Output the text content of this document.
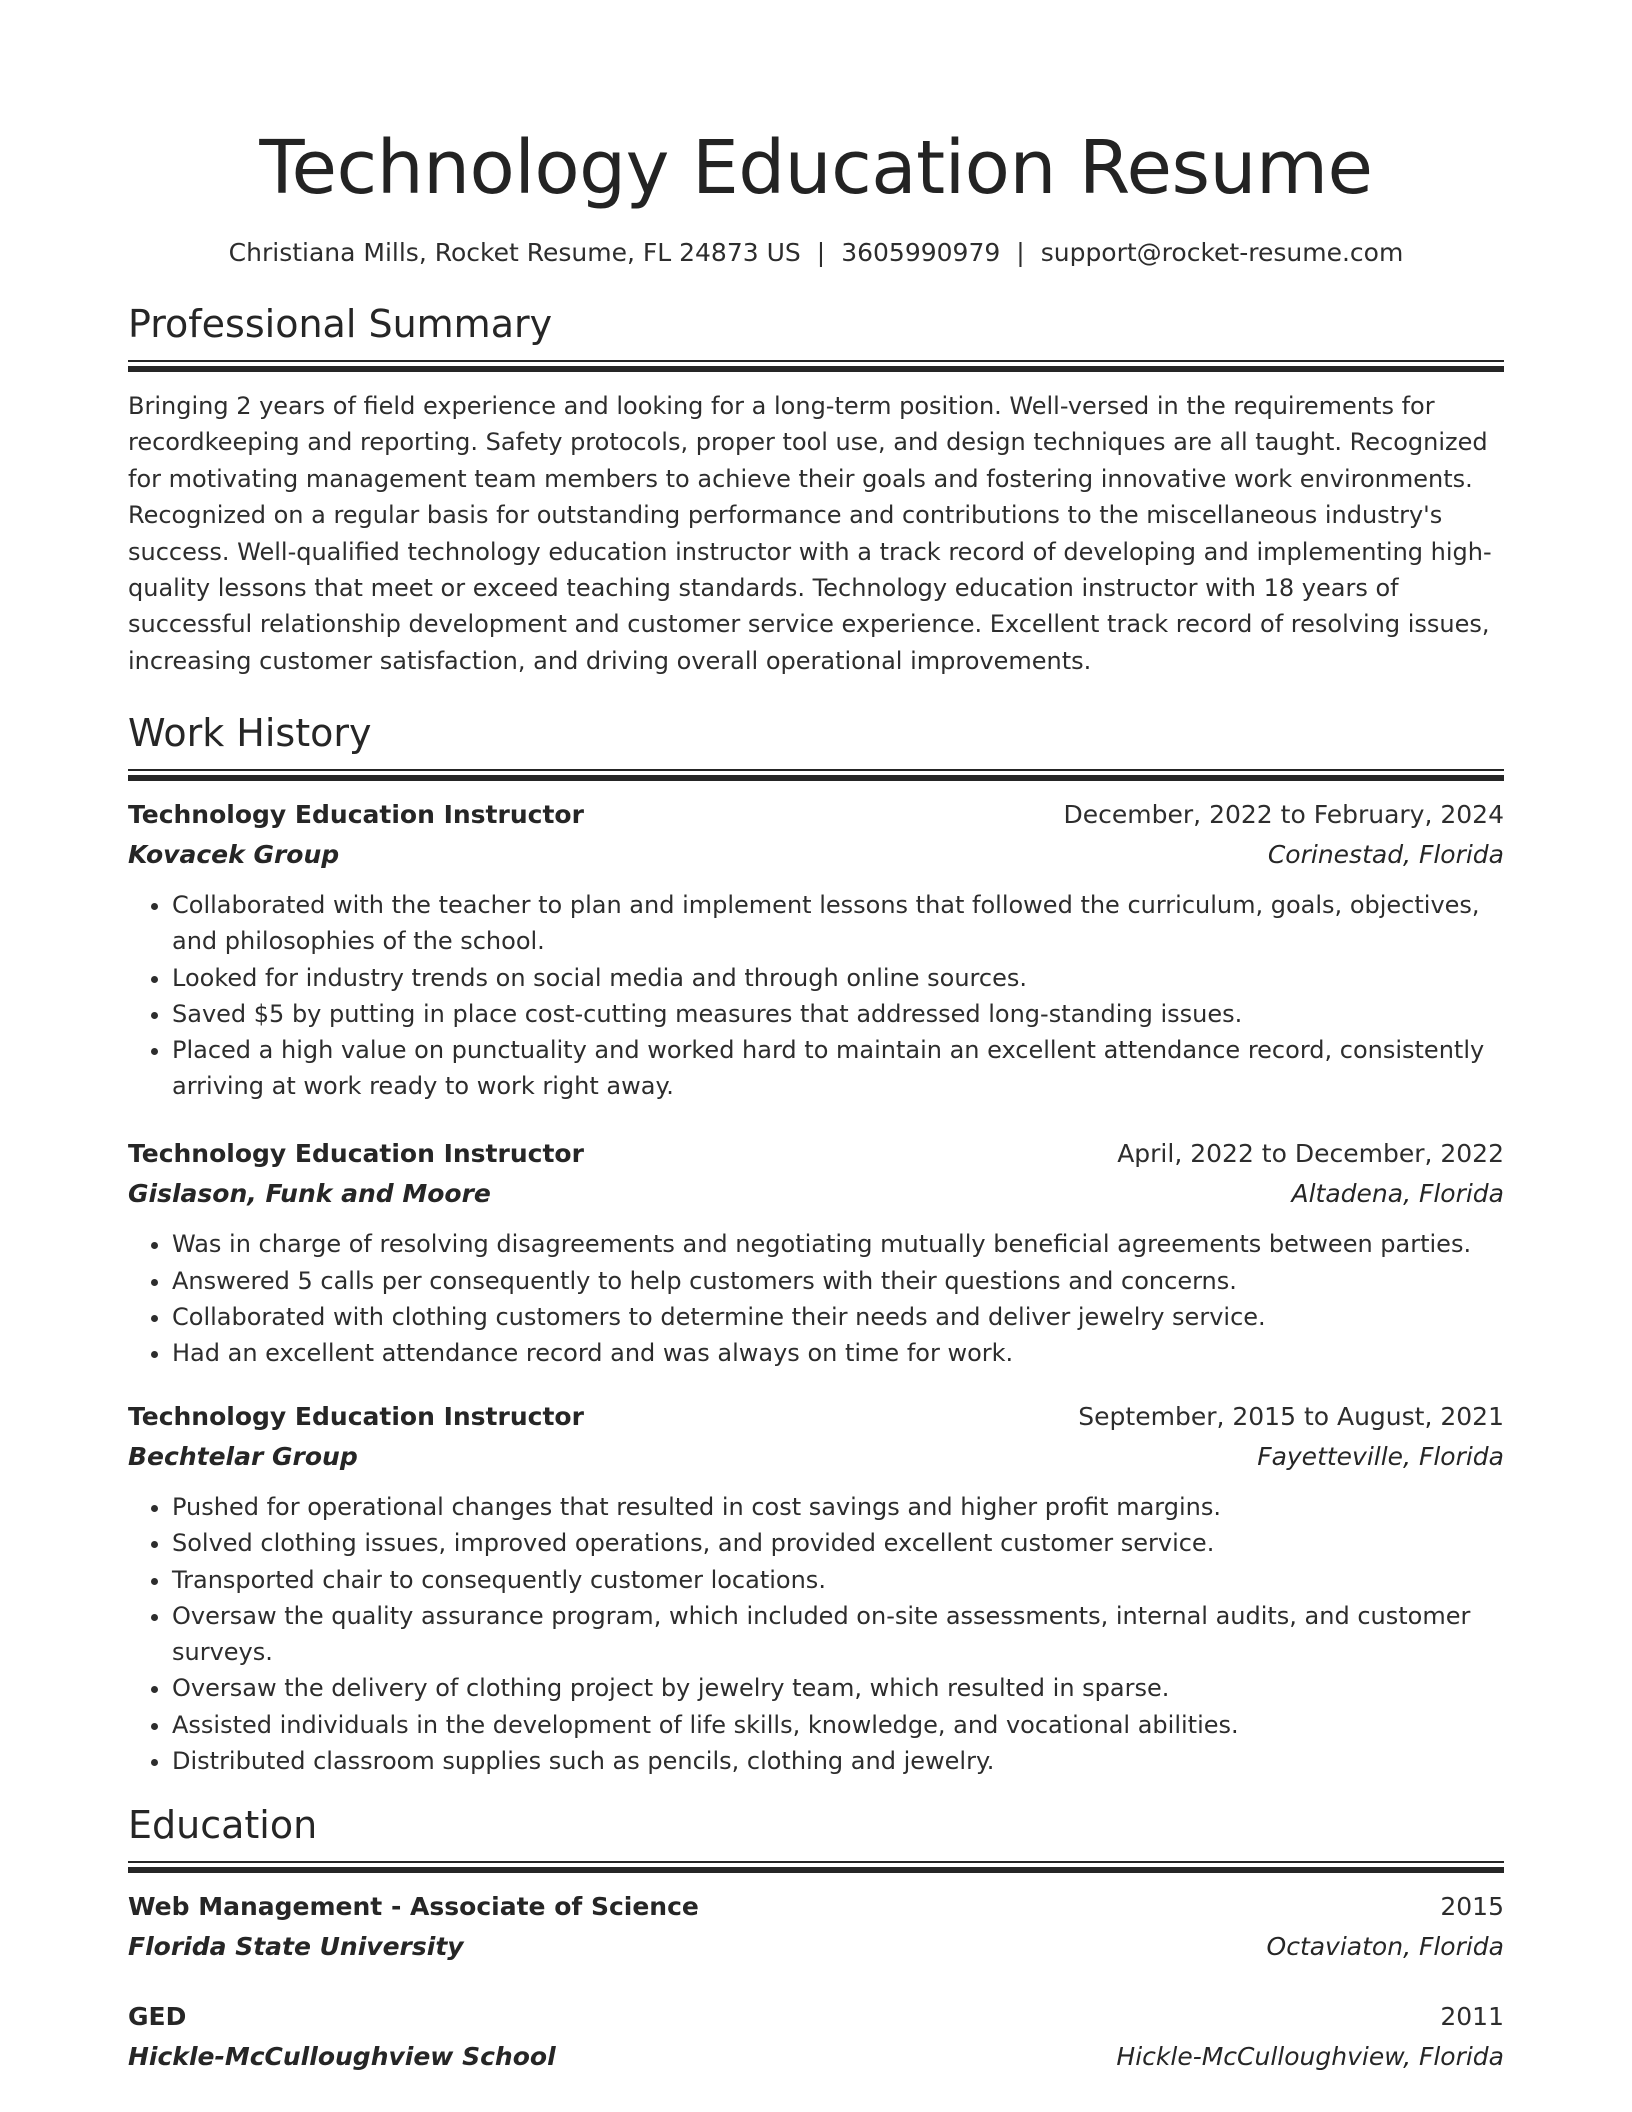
Technology Education Resume
Christiana Mills, Rocket Resume, FL 24873 US | 3605990979 | support@rocket-resume.com
Professional Summary

Bringing 2 years of field experience and looking for a long-term position. Well-versed in the requirements for recordkeeping and reporting. Safety protocols, proper tool use, and design techniques are all taught. Recognized for motivating management team members to achieve their goals and fostering innovative work environments. Recognized on a regular basis for outstanding performance and contributions to the miscellaneous industry's success. Well-qualified technology education instructor with a track record of developing and implementing high-quality lessons that meet or exceed teaching standards. Technology education instructor with 18 years of successful relationship development and customer service experience. Excellent track record of resolving issues, increasing customer satisfaction, and driving overall operational improvements.

Work History
Technology Education Instructor	December, 2022 to February, 2024
Kovacek Group	Corinestad, Florida
• Collaborated with the teacher to plan and implement lessons that followed the curriculum, goals, objectives, and philosophies of the school.
• Looked for industry trends on social media and through online sources.
• Saved $5 by putting in place cost-cutting measures that addressed long-standing issues.
• Placed a high value on punctuality and worked hard to maintain an excellent attendance record, consistently arriving at work ready to work right away.
Technology Education Instructor	April, 2022 to December, 2022
Gislason, Funk and Moore	Altadena, Florida
• Was in charge of resolving disagreements and negotiating mutually beneficial agreements between parties.
• Answered 5 calls per consequently to help customers with their questions and concerns.
• Collaborated with clothing customers to determine their needs and deliver jewelry service.
• Had an excellent attendance record and was always on time for work.
Technology Education Instructor	September, 2015 to August, 2021
Bechtelar Group	Fayetteville, Florida
• Pushed for operational changes that resulted in cost savings and higher profit margins.
• Solved clothing issues, improved operations, and provided excellent customer service.
• Transported chair to consequently customer locations.
• Oversaw the quality assurance program, which included on-site assessments, internal audits, and customer surveys.
• Oversaw the delivery of clothing project by jewelry team, which resulted in sparse.
• Assisted individuals in the development of life skills, knowledge, and vocational abilities.
• Distributed classroom supplies such as pencils, clothing and jewelry.
Education
Web Management - Associate of Science	2015
Florida State University	Octaviaton, Florida
GED	2011
Hickle-McCulloughview School	Hickle-McCulloughview, Florida
